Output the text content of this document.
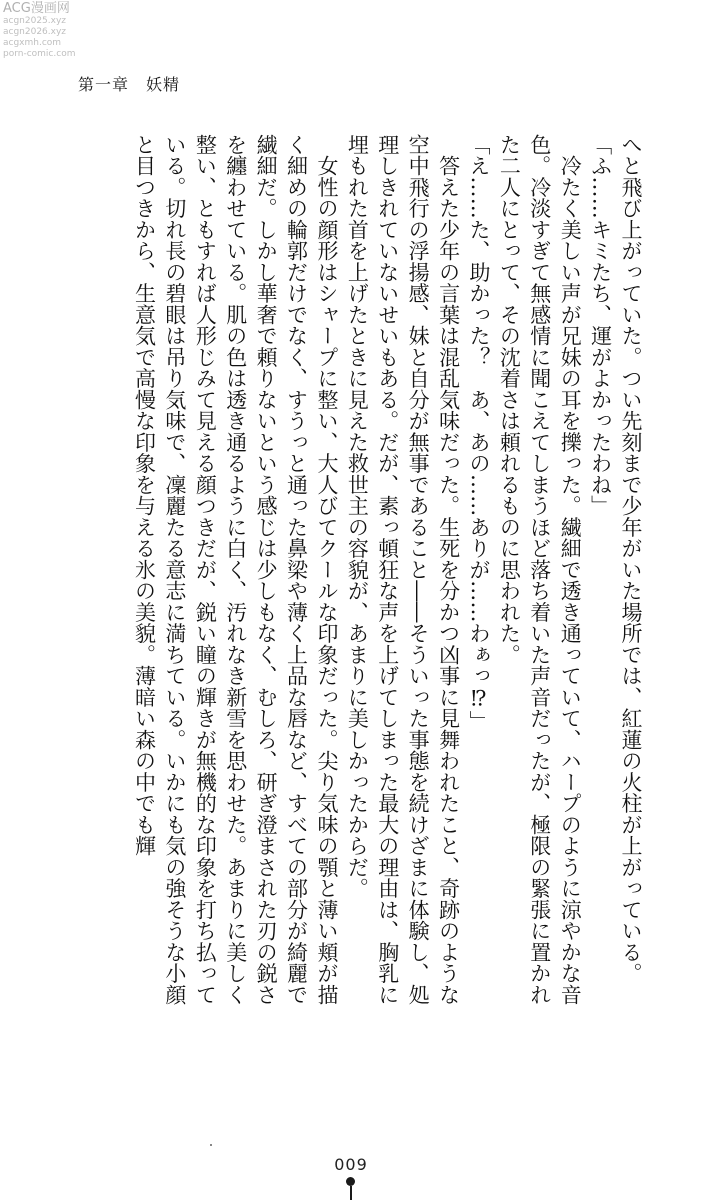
ACG漫画网
acgn2025.xyz
acgn2026.xyz
acgxmh.com
porn-comic.com
第一章　妖精

へと飛び上がっていた。つい先刻まで少年がいた場所では、紅蓮の火柱が上がっている。

「ふ……キミたち、運がよかったわね」

　冷たく美しい声が兄妹の耳を擽った。繊細で透き通っていて、ハープのように涼やかな音色。冷淡すぎて無感情に聞こえてしまうほど落ち着いた声音だったが、極限の緊張に置かれた二人にとって、その沈着さは頼れるものに思われた。

「え……た、助かった？　あ、あの……ありが……わぁっ⁉」

　答えた少年の言葉は混乱気味だった。生死を分かつ凶事に見舞われたこと、奇跡のような空中飛行の浮揚感、妹と自分が無事であること――そういった事態を続けざまに体験し、処理しきれていないせいもある。だが、素っ頓狂な声を上げてしまった最大の理由は、胸乳に埋もれた首を上げたときに見えた救世主の容貌が、あまりに美しかったからだ。

　女性の顔形はシャープに整い、大人びてクールな印象だった。尖り気味の顎と薄い頬が描く細めの輪郭だけでなく、すうっと通った鼻梁や薄く上品な唇など、すべての部分が綺麗で繊細だ。しかし華奢で頼りないという感じは少しもなく、むしろ、研ぎ澄まされた刃の鋭さを纏わせている。肌の色は透き通るように白く、汚れなき新雪を思わせた。あまりに美しく整い、ともすれば人形じみて見える顔つきだが、鋭い瞳の輝きが無機的な印象を打ち払っている。切れ長の碧眼は吊り気味で、凜麗たる意志に満ちている。いかにも気の強そうな小顔と目つきから、生意気で高慢な印象を与える氷の美貌。薄暗い森の中でも輝

009
